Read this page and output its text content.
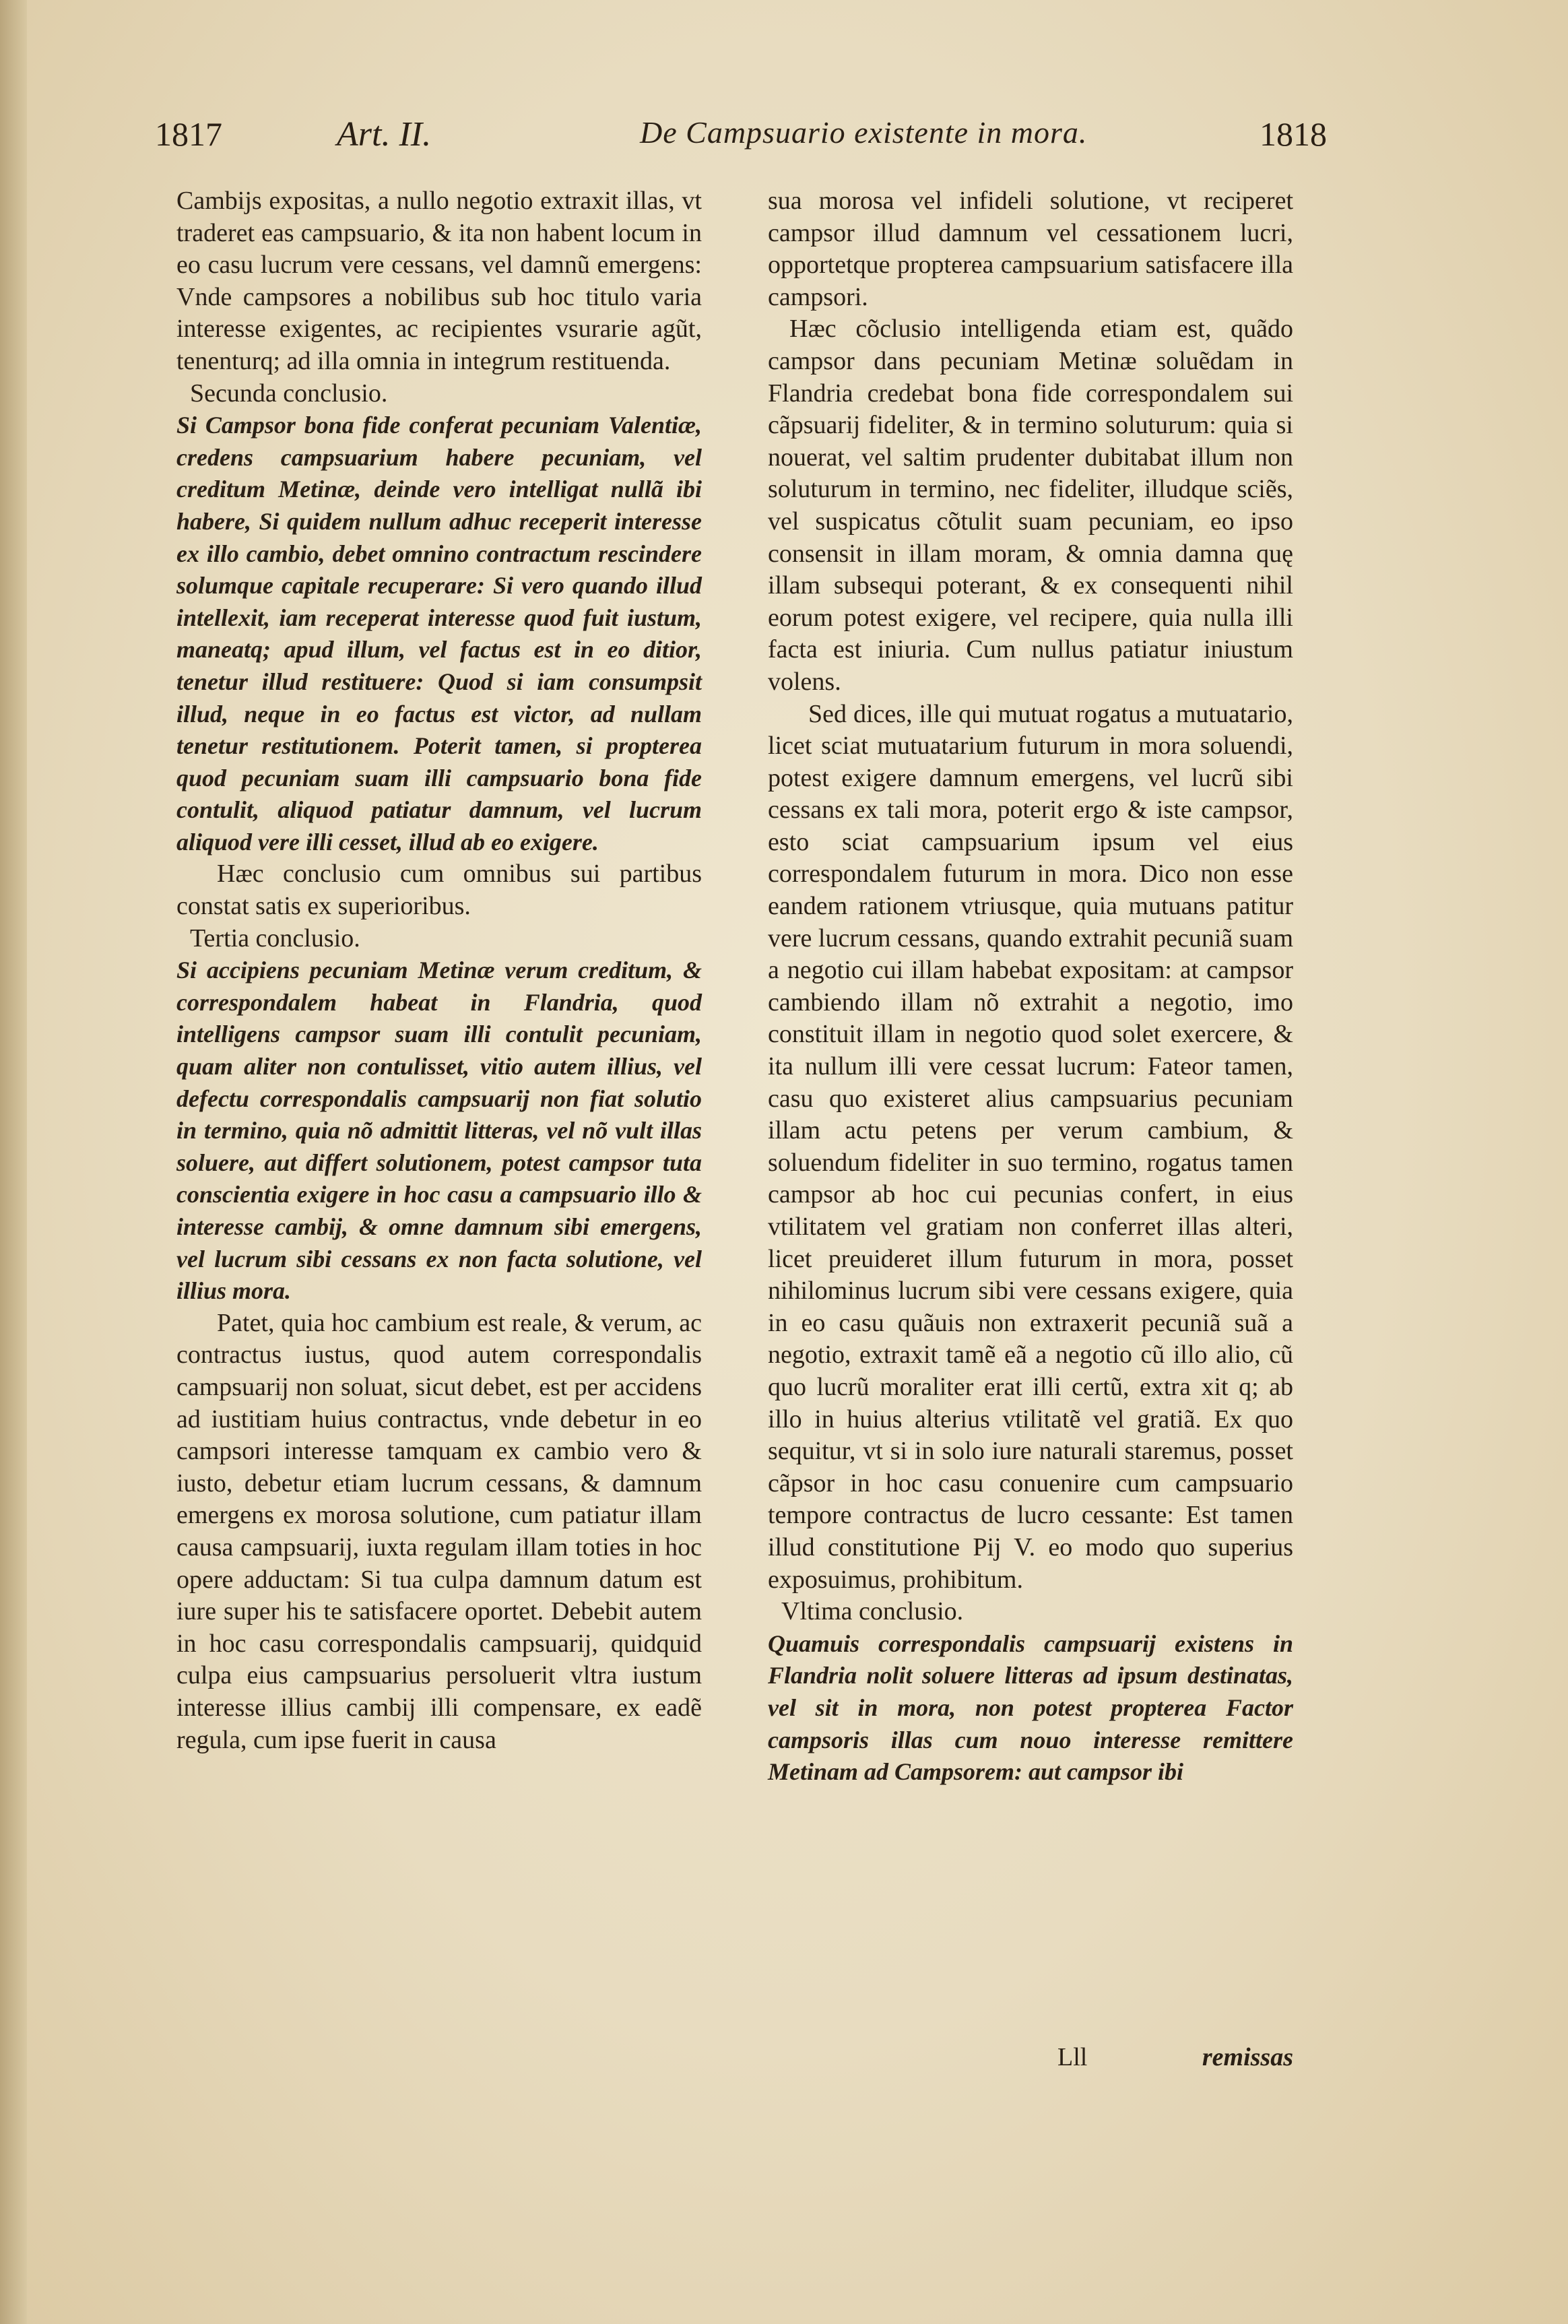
1817	Art. II.	De Campsuario existente in mora.	1818

Cambijs expositas, a nullo negotio extraxit illas, vt traderet eas campsuario, & ita non habent locum in eo casu lucrum vere cessans, vel damnũ emergens: Vnde campsores a nobilibus sub hoc titulo varia interesse exigentes, ac recipientes vsurarie agũt, tenenturq; ad illa omnia in integrum restituenda.

Secunda conclusio.

Si Campsor bona fide conferat pecuniam Valentiæ, credens campsuarium habere pecuniam, vel creditum Metinæ, deinde vero intelligat nullã ibi habere, Si quidem nullum adhuc receperit interesse ex illo cambio, debet omnino contractum rescindere solumque capitale recuperare: Si vero quando illud intellexit, iam receperat interesse quod fuit iustum, maneatq; apud illum, vel factus est in eo ditior, tenetur illud restituere: Quod si iam consumpsit illud, neque in eo factus est victor, ad nullam tenetur restitutionem. Poterit tamen, si propterea quod pecuniam suam illi campsuario bona fide contulit, aliquod patiatur damnum, vel lucrum aliquod vere illi cesset, illud ab eo exigere.

Hæc conclusio cum omnibus sui partibus constat satis ex superioribus.

Tertia conclusio.

Si accipiens pecuniam Metinæ verum creditum, & correspondalem habeat in Flandria, quod intelligens campsor suam illi contulit pecuniam, quam aliter non contulisset, vitio autem illius, vel defectu correspondalis campsuarij non fiat solutio in termino, quia nõ admittit litteras, vel nõ vult illas soluere, aut differt solutionem, potest campsor tuta conscientia exigere in hoc casu a campsuario illo & interesse cambij, & omne damnum sibi emergens, vel lucrum sibi cessans ex non facta solutione, vel illius mora.

Patet, quia hoc cambium est reale, & verum, ac contractus iustus, quod autem correspondalis campsuarij non soluat, sicut debet, est per accidens ad iustitiam huius contractus, vnde debetur in eo campsori interesse tamquam ex cambio vero & iusto, debetur etiam lucrum cessans, & damnum emergens ex morosa solutione, cum patiatur illam causa campsuarij, iuxta regulam illam toties in hoc opere adductam: Si tua culpa damnum datum est iure super his te satisfacere oportet. Debebit autem in hoc casu correspondalis campsuarij, quidquid culpa eius campsuarius persoluerit vltra iustum interesse illius cambij illi compensare, ex eadẽ regula, cum ipse fuerit in causa

sua morosa vel infideli solutione, vt reciperet campsor illud damnum vel cessationem lucri, opportetque propterea campsuarium satisfacere illa campsori.

Hæc cõclusio intelligenda etiam est, quãdo campsor dans pecuniam Metinæ soluẽdam in Flandria credebat bona fide correspondalem sui cãpsuarij fideliter, & in termino soluturum: quia si nouerat, vel saltim prudenter dubitabat illum non soluturum in termino, nec fideliter, illudque sciẽs, vel suspicatus cõtulit suam pecuniam, eo ipso consensit in illam moram, & omnia damna quę illam subsequi poterant, & ex consequenti nihil eorum potest exigere, vel recipere, quia nulla illi facta est iniuria. Cum nullus patiatur iniustum volens.

Sed dices, ille qui mutuat rogatus a mutuatario, licet sciat mutuatarium futurum in mora soluendi, potest exigere damnum emergens, vel lucrũ sibi cessans ex tali mora, poterit ergo & iste campsor, esto sciat campsuarium ipsum vel eius correspondalem futurum in mora. Dico non esse eandem rationem vtriusque, quia mutuans patitur vere lucrum cessans, quando extrahit pecuniã suam a negotio cui illam habebat expositam: at campsor cambiendo illam nõ extrahit a negotio, imo constituit illam in negotio quod solet exercere, & ita nullum illi vere cessat lucrum: Fateor tamen, casu quo existeret alius campsuarius pecuniam illam actu petens per verum cambium, & soluendum fideliter in suo termino, rogatus tamen campsor ab hoc cui pecunias confert, in eius vtilitatem vel gratiam non conferret illas alteri, licet preuideret illum futurum in mora, posset nihilominus lucrum sibi vere cessans exigere, quia in eo casu quãuis non extraxerit pecuniã suã a negotio, extraxit tamẽ eã a negotio cũ illo alio, cũ quo lucrũ moraliter erat illi certũ, extra xit q; ab illo in huius alterius vtilitatẽ vel gratiã. Ex quo sequitur, vt si in solo iure naturali staremus, posset cãpsor in hoc casu conuenire cum campsuario tempore contractus de lucro cessante: Est tamen illud constitutione Pij V. eo modo quo superius exposuimus, prohibitum.

Vltima conclusio.

Quamuis correspondalis campsuarij existens in Flandria nolit soluere litteras ad ipsum destinatas, vel sit in mora, non potest propterea Factor campsoris illas cum nouo interesse remittere Metinam ad Campsorem: aut campsor ibi

Lll	remissas
